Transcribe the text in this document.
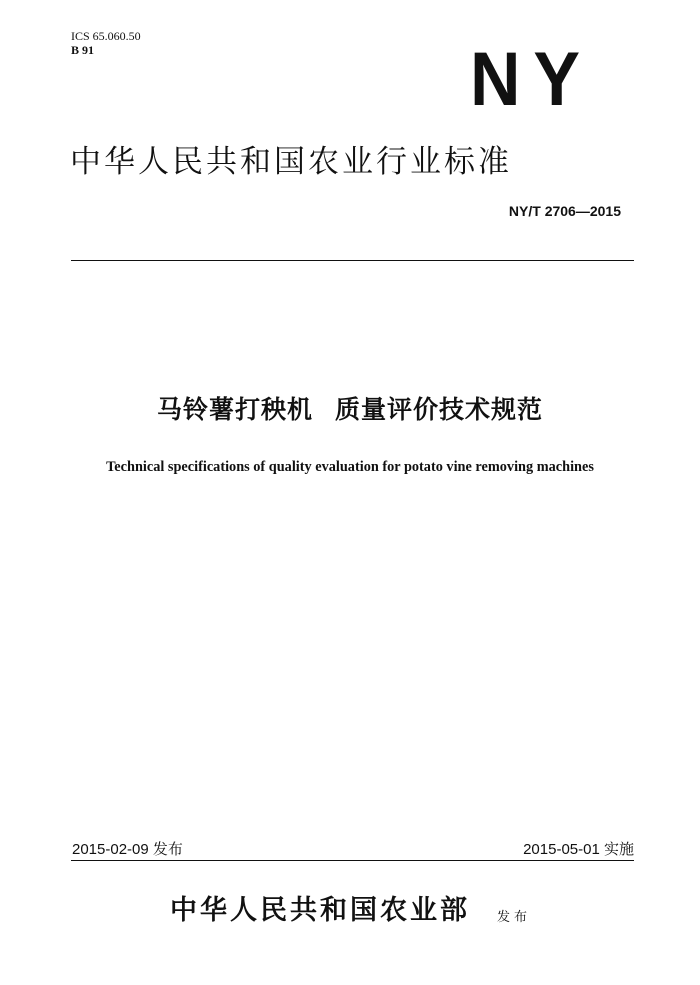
ICS 65.060.50
B 91	NY
中华人民共和国农业行业标准
NY/T 2706—2015
马铃薯打秧机 质量评价技术规范
Technical specifications of quality evaluation for potato vine removing machines
2015-02-09 发布	2015-05-01 实施
中华人民共和国农业部 发布
